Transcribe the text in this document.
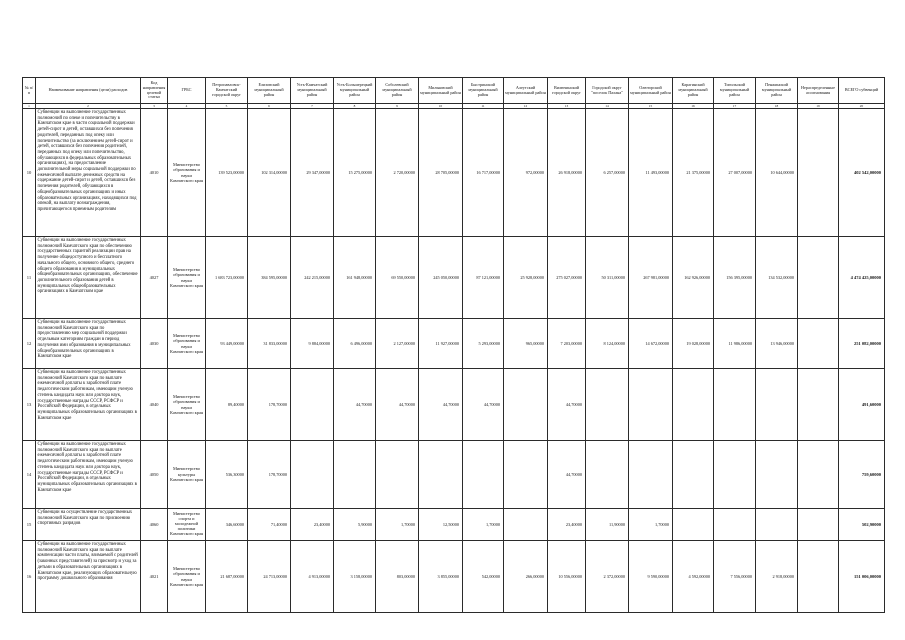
№ п/п	Наименование направления (цели) расходов	Код направления целевой статьи	ГРБС	Петропавловск-Камчатский городской округ	Елизовский муниципальный район	Усть-Камчатский муниципальный район	Усть-Большерецкий муниципальный район	Соболевский муниципальный район	Мильковский муниципальный район	Быстринский муниципальный район	Алеутский муниципальный район	Вилючинский городской округ	Городской округ "поселок Палана"	Олюторский муниципальный район	Карагинский муниципальный район	Тигильский муниципальный район	Пенжинский муниципальный район	Нераспределенные ассигнования	ВСЕГО субвенций
1	2	3	4	5	6	7	8	9	10	11	12	13	14	15	16	17	18	19	20
10	Субвенции на выполнение государственных полномочий по опеке и попечительству в Камчатском крае в части социальной поддержки детей-сирот и детей, оставшихся без попечения родителей, переданных под опеку или попечительство (за исключением детей-сирот и детей, оставшихся без попечения родителей, переданных под опеку или попечительство, обучающихся в федеральных образовательных организациях), на предоставление дополнительной меры социальной поддержки по ежемесячной выплате денежных средств на содержание детей-сирот и детей, оставшихся без попечения родителей, обучающихся в общеобразовательных организациях и иных образовательных организациях, находящихся под опекой, на выплату вознаграждения, причитающегося приемным родителям	4010	Министерство образования и науки Камчатского края	139 523,00000	102 314,00000	29 347,00000	15 275,00000	2 720,00000	28 705,00000	16 717,00000	972,00000	26 918,00000	6 257,00000	11 493,00000	21 375,00000	27 007,00000	10 644,00000		402 542,00000
11	Субвенции на выполнение государственных полномочий Камчатского края по обеспечению государственных гарантий реализации прав на получение общедоступного и бесплатного начального общего, основного общего, среднего общего образования в муниципальных общеобразовательных организациях, обеспечение дополнительного образования детей в муниципальных общеобразовательных организациях в Камчатском крае	4027	Министерство образования и науки Камчатского края	1 683 723,00000	384 595,00000	242 215,00000	161 948,00000	69 550,00000	245 050,00000	87 121,00000	25 928,00000	275 027,00000	50 311,00000	267 981,00000	162 926,00000	156 395,00000	134 532,00000		4 474 425,00000
12	Субвенции на выполнение государственных полномочий Камчатского края по предоставлению мер социальной поддержки отдельным категориям граждан в период получения ими образования в муниципальных общеобразовательных организациях в Камчатском крае	4030	Министерство образования и науки Камчатского края	93 449,00000	31 833,00000	9 884,00000	6 496,00000	2 127,00000	11 927,00000	5 293,00000	965,00000	7 203,00000	8 124,00000	14 672,00000	19 028,00000	11 986,00000	13 946,00000		251 082,00000
13	Субвенции на выполнение государственных полномочий Камчатского края по выплате ежемесячной доплаты к заработной плате педагогическим работникам, имеющим ученую степень кандидата наук или доктора наук, государственные награды СССР, РСФСР и Российской Федерации, в отдельных муниципальных образовательных организациях в Камчатском крае	4040	Министерство образования и науки Камчатского края	89,40000	178,70000		44,70000	44,70000	44,70000	44,70000		44,70000							491,60000
14	Субвенции на выполнение государственных полномочий Камчатского края по выплате ежемесячной доплаты к заработной плате педагогическим работникам, имеющим ученую степень кандидата наук или доктора наук, государственные награды СССР, РСФСР и Российской Федерации, в отдельных муниципальных образовательных организациях в Камчатском крае	4050	Министерство культуры Камчатского края	536,30000	178,70000							44,70000							759,60000
15	Субвенции на осуществление государственных полномочий Камчатского края по присвоению спортивных разрядов	4060	Министерство спорта и молодежной политики Камчатского края	346,60000	71,40000	23,40000	5,90000	1,70000	12,50000	1,70000		23,40000	11,90000	1,70000					502,90000
16	Субвенции на выполнение государственных полномочий Камчатского края по выплате компенсации части платы, взимаемой с родителей (законных представителей) за присмотр и уход за детьми в образовательных организациях в Камчатском крае, реализующих образовательную программу дошкольного образования	4021	Министерство образования и науки Камчатского края	21 687,00000	24 713,00000	4 913,00000	3 158,00000	803,00000	3 855,00000	542,00000	266,00000	10 556,00000	2 372,00000	9 590,00000	4 592,00000	7 556,00000	2 918,00000		151 006,00000
